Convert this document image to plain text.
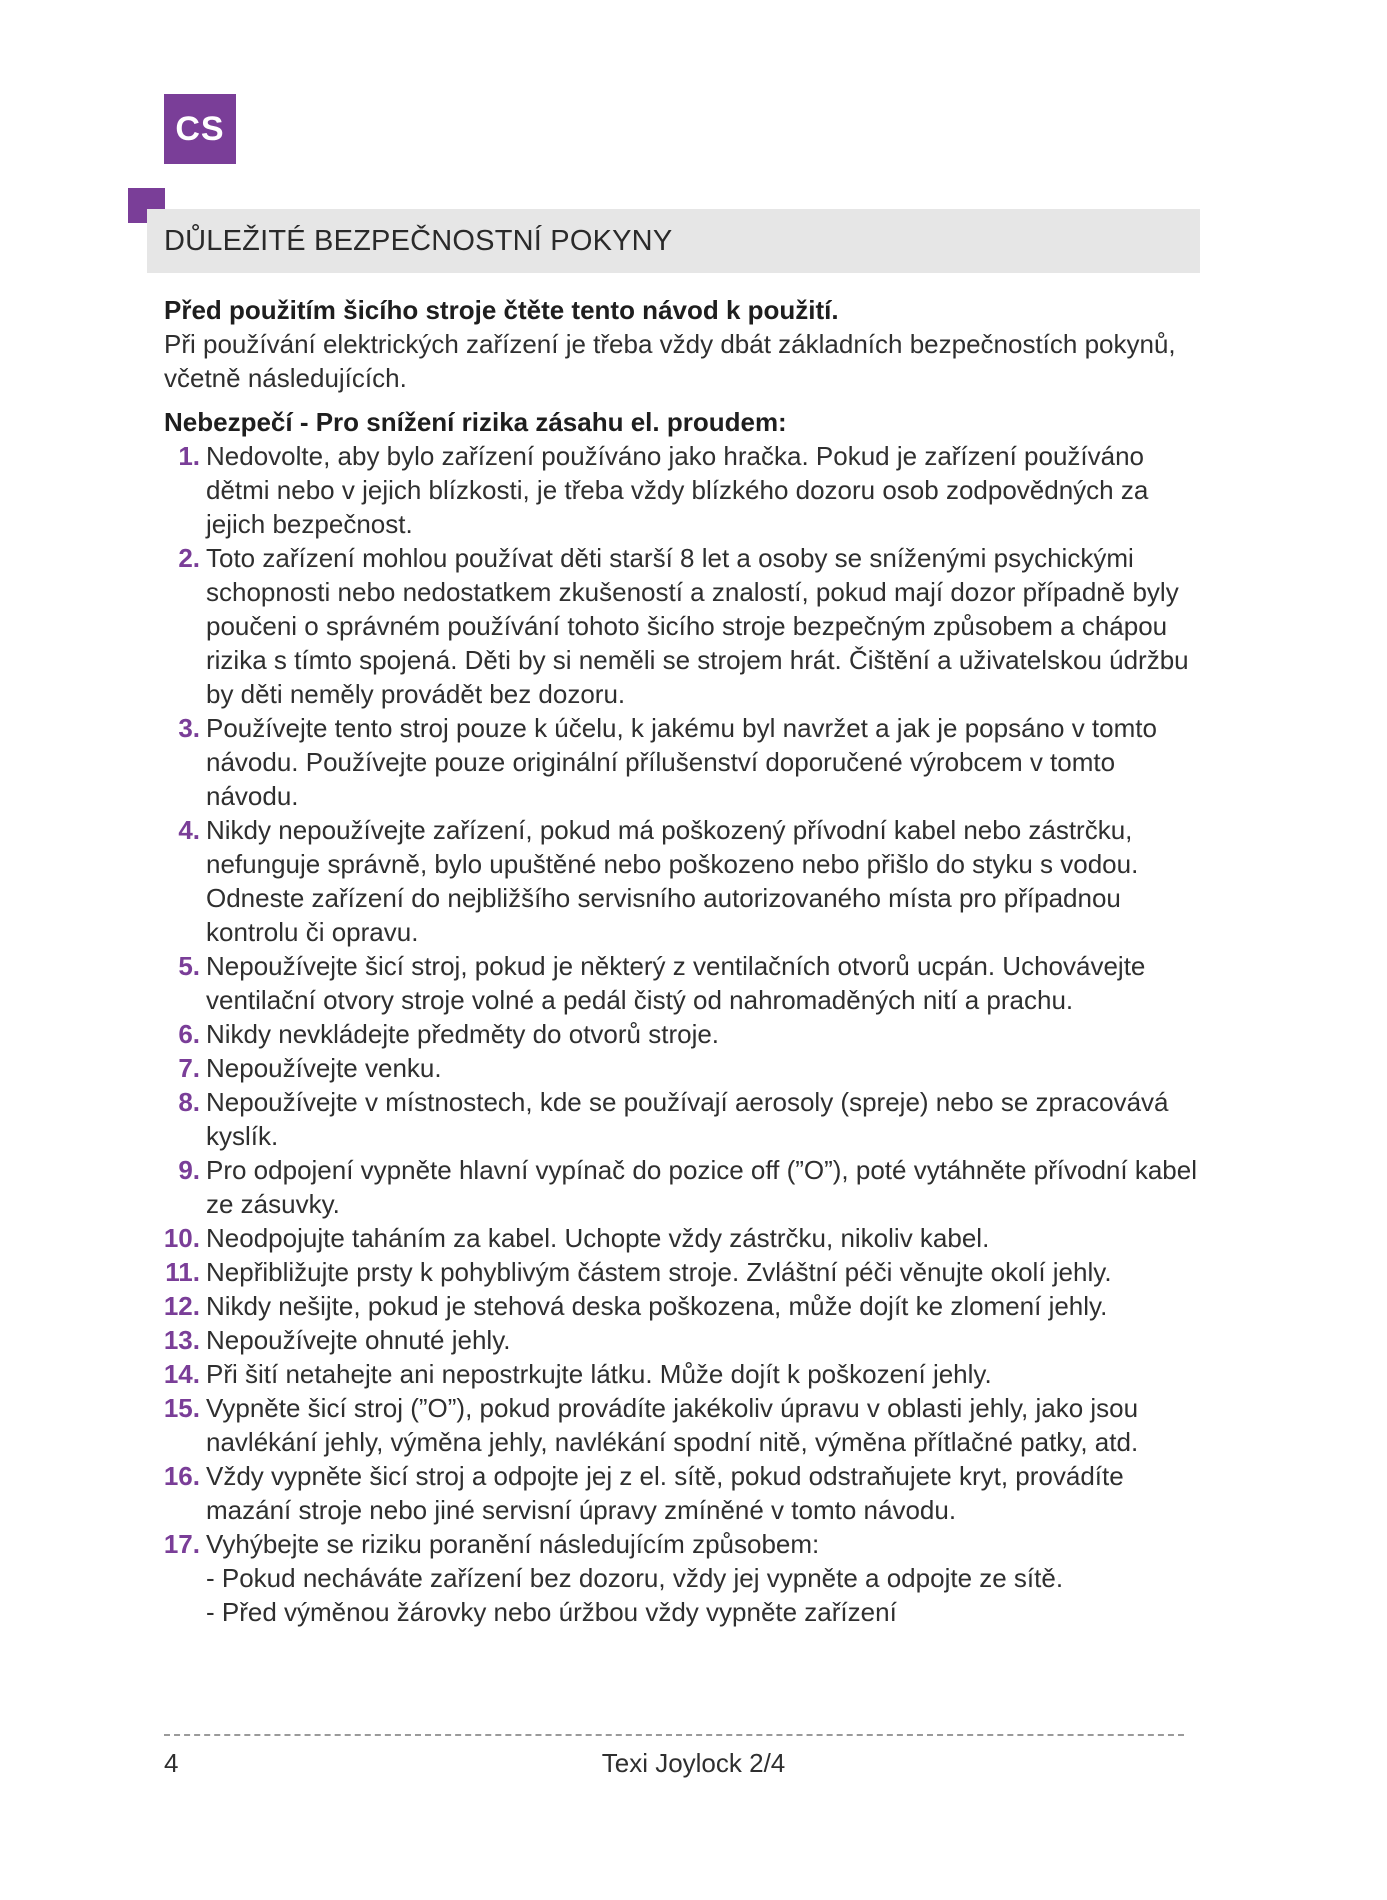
CS
DŮLEŽITÉ BEZPEČNOSTNÍ POKYNY

Před použitím šicího stroje čtěte tento návod k použití.
Při používání elektrických zařízení je třeba vždy dbát základních bezpečnostích pokynů, včetně následujících.

Nebezpečí - Pro snížení rizika zásahu el. proudem:

1. Nedovolte, aby bylo zařízení používáno jako hračka. Pokud je zařízení používáno dětmi nebo v jejich blízkosti, je třeba vždy blízkého dozoru osob zodpovědných za jejich bezpečnost.
2. Toto zařízení mohlou používat děti starší 8 let a osoby se sníženými psychickými schopnosti nebo nedostatkem zkušeností a znalostí, pokud mají dozor případně byly poučeni o správném používání tohoto šicího stroje bezpečným způsobem a chápou rizika s tímto spojená. Děti by si neměli se strojem hrát. Čištění a uživatelskou údržbu by děti neměly provádět bez dozoru.
3. Používejte tento stroj pouze k účelu, k jakému byl navržet a jak je popsáno v tomto návodu. Používejte pouze originální přílušenství doporučené výrobcem v tomto návodu.
4. Nikdy nepoužívejte zařízení, pokud má poškozený přívodní kabel nebo zástrčku, nefunguje správně, bylo upuštěné nebo poškozeno nebo přišlo do styku s vodou. Odneste zařízení do nejbližšího servisního autorizovaného místa pro případnou kontrolu či opravu.
5. Nepoužívejte šicí stroj, pokud je některý z ventilačních otvorů ucpán. Uchovávejte ventilační otvory stroje volné a pedál čistý od nahromaděných nití a prachu.
6. Nikdy nevkládejte předměty do otvorů stroje.
7. Nepoužívejte venku.
8. Nepoužívejte v místnostech, kde se používají aerosoly (spreje) nebo se zpracovává kyslík.
9. Pro odpojení vypněte hlavní vypínač do pozice off (”O”), poté vytáhněte přívodní kabel ze zásuvky.
10. Neodpojujte taháním za kabel. Uchopte vždy zástrčku, nikoliv kabel.
11. Nepřibližujte prsty k pohyblivým částem stroje. Zvláštní péči věnujte okolí jehly.
12. Nikdy nešijte, pokud je stehová deska poškozena, může dojít ke zlomení jehly.
13. Nepoužívejte ohnuté jehly.
14. Při šití netahejte ani nepostrkujte látku. Může dojít k poškození jehly.
15. Vypněte šicí stroj (”O”), pokud provádíte jakékoliv úpravu v oblasti jehly, jako jsou navlékání jehly, výměna jehly, navlékání spodní nitě, výměna přítlačné patky, atd.
16. Vždy vypněte šicí stroj a odpojte jej z el. sítě, pokud odstraňujete kryt, provádíte mazání stroje nebo jiné servisní úpravy zmíněné v tomto návodu.
17. Vyhýbejte se riziku poranění následujícím způsobem:
- Pokud necháváte zařízení bez dozoru, vždy jej vypněte a odpojte ze sítě.
- Před výměnou žárovky nebo úržbou vždy vypněte zařízení
4	Texi Joylock 2/4
